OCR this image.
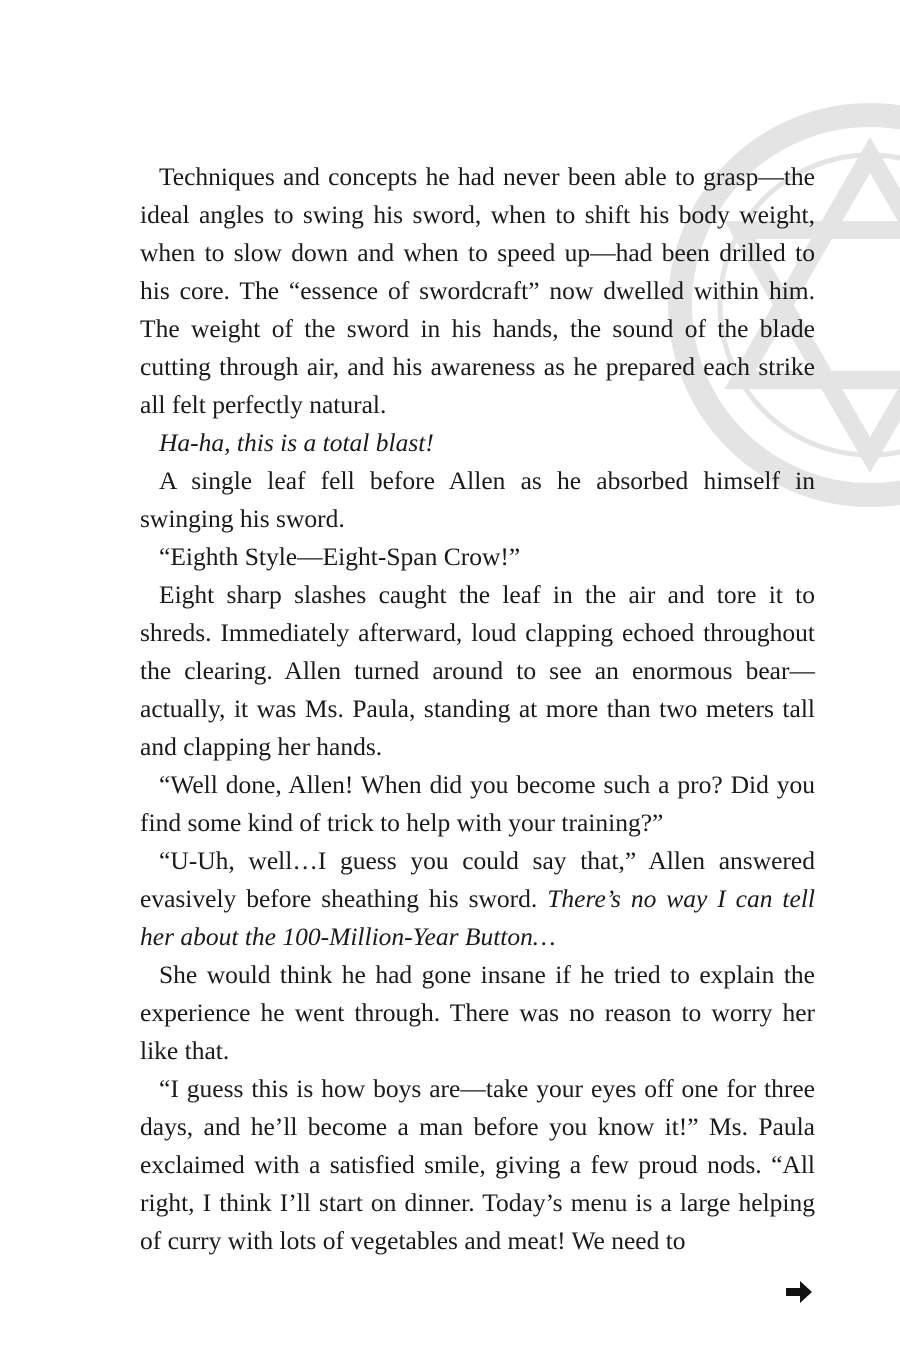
Techniques and concepts he had never been able to grasp—the ideal angles to swing his sword, when to shift his body weight, when to slow down and when to speed up—had been drilled to his core. The “essence of swordcraft” now dwelled within him. The weight of the sword in his hands, the sound of the blade cutting through air, and his awareness as he prepared each strike all felt perfectly natural.

Ha-ha, this is a total blast!

A single leaf fell before Allen as he absorbed himself in swinging his sword.

“Eighth Style—Eight-Span Crow!”

Eight sharp slashes caught the leaf in the air and tore it to shreds. Immediately afterward, loud clapping echoed throughout the clearing. Allen turned around to see an enormous bear—actually, it was Ms. Paula, standing at more than two meters tall and clapping her hands.

“Well done, Allen! When did you become such a pro? Did you find some kind of trick to help with your training?”

“U-Uh, well…I guess you could say that,” Allen answered evasively before sheathing his sword. There’s no way I can tell her about the 100-Million-Year Button…

She would think he had gone insane if he tried to explain the experience he went through. There was no reason to worry her like that.

“I guess this is how boys are—take your eyes off one for three days, and he’ll become a man before you know it!” Ms. Paula exclaimed with a satisfied smile, giving a few proud nods. “All right, I think I’ll start on dinner. Today’s menu is a large helping of curry with lots of vegetables and meat! We need to
